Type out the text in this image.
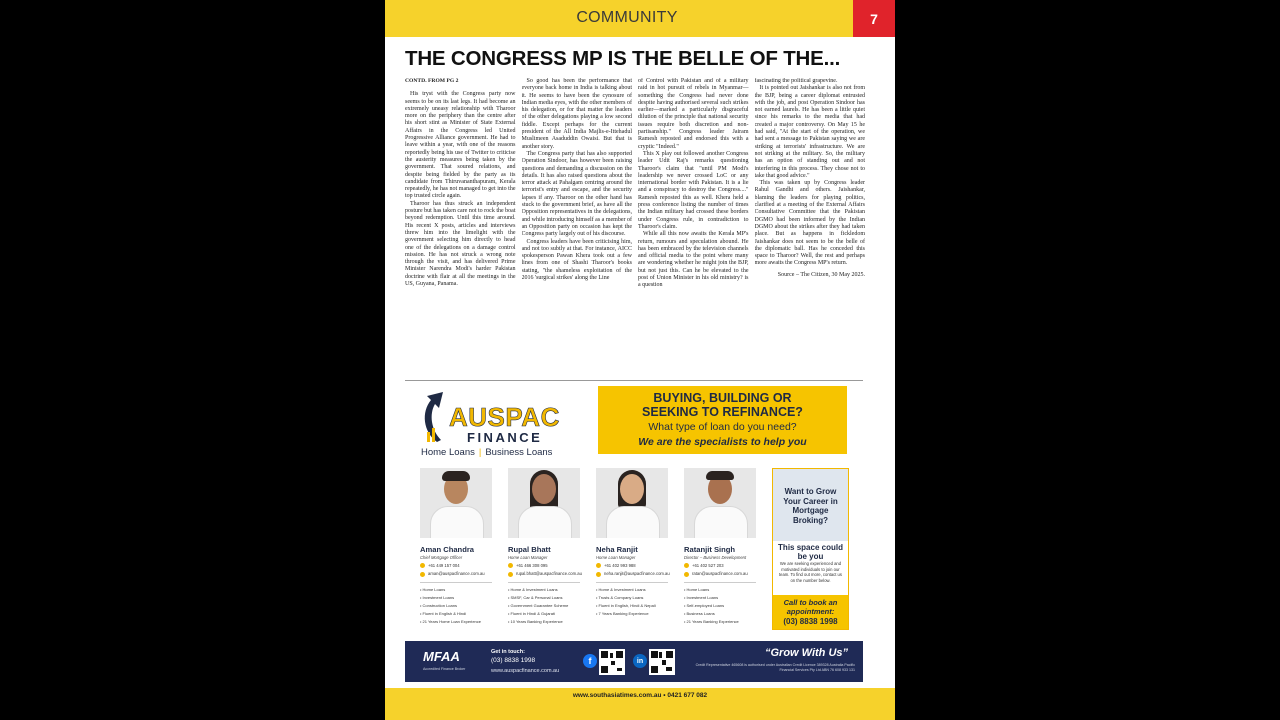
COMMUNITY	7
THE CONGRESS MP IS THE BELLE OF THE...

CONTD. FROM PG 2

His tryst with the Congress party now seems to be on its last legs. It had become an extremely uneasy relationship with Tharoor more on the periphery than the centre after his short stint as Minister of State External Affairs in the Congress led United Progressive Alliance government. He had to leave within a year, with one of the reasons reportedly being his use of Twitter to criticise the austerity measures being taken by the government. That soured relations, and despite being fielded by the party as its candidate from Thiruvananthapuram, Kerala repeatedly, he has not managed to get into the top trusted circle again.

Tharoor has thus struck an independent posture but has taken care not to rock the boat beyond redemption. Until this time around. His recent X posts, articles and interviews threw him into the limelight with the government selecting him directly to head one of the delegations on a damage control mission. He has not struck a wrong note through the visit, and has delivered Prime Minister Narendra Modi's harder Pakistan doctrine with flair at all the meetings in the US, Guyana, Panama.

So good has been the performance that everyone back home in India is talking about it. He seems to have been the cynosure of Indian media eyes, with the other members of his delegation, or for that matter the leaders of the other delegations playing a low second fiddle. Except perhaps for the current president of the All India Majlis-e-Ittehadul Muslimeen Asaduddin Owaisi. But that is another story.

The Congress party that has also supported Operation Sindoor, has however been raising questions and demanding a discussion on the details. It has also raised questions about the terror attack at Pahalgam centring around the terrorist's entry and escape, and the security lapses if any. Tharoor on the other hand has stuck to the government brief, as have all the Opposition representatives in the delegations, and while introducing himself as a member of an Opposition party on occasion has kept the Congress party largely out of his discourse.

Congress leaders have been criticising him, and not too subtly at that. For instance, AICC spokesperson Pawan Khera took out a few lines from one of Shashi Tharoor's books stating, "the shameless exploitation of the 2016 'surgical strikes' along the Line

of Control with Pakistan and of a military raid in hot pursuit of rebels in Myanmar—something the Congress had never done despite having authorised several such strikes earlier—marked a particularly disgraceful dilution of the principle that national security issues require both discretion and non-partisanship." Congress leader Jairam Ramesh reposted and endorsed this with a cryptic "Indeed."

This X play out followed another Congress leader Udit Raj's remarks questioning Tharoor's claim that "until PM Modi's leadership we never crossed LoC or any international border with Pakistan. It is a lie and a conspiracy to destroy the Congress...." Ramesh reposted this as well. Khera held a press conference listing the number of times the Indian military had crossed these borders under Congress rule, in contradiction to Tharoor's claim.

While all this now awaits the Kerala MP's return, rumours and speculation abound. He has been embraced by the television channels and official media to the point where many are wondering whether he might join the BJP, but not just this. Can he be elevated to the post of Union Minister in his old ministry? is a question

fascinating the political grapevine.

It is pointed out Jaishankar is also not from the BJP, being a career diplomat entrusted with the job, and post Operation Sindoor has not earned laurels. He has been a little quiet since his remarks to the media that had created a major controversy. On May 15 he had said, "At the start of the operation, we had sent a message to Pakistan saying we are striking at terrorists' infrastructure. We are not striking at the military. So, the military has an option of standing out and not interfering in this process. They chose not to take that good advice."

This was taken up by Congress leader Rahul Gandhi and others. Jaishankar, blaming the leaders for playing politics, clarified at a meeting of the External Affairs Consultative Committee that the Pakistan DGMO had been informed by the Indian DGMO about the strikes after they had taken place. But as happens in fickledom Jaishankar does not seem to be the belle of the diplomatic ball. Has he conceded this space to Tharoor? Well, the rest and perhaps more awaits the Congress MP's return.

Source – The Citizen, 30 May 2025.

AUSPAC
FINANCE
Home Loans | Business Loans
BUYING, BUILDING OR
SEEKING TO REFINANCE?
What type of loan do you need?
We are the specialists to help you
Aman Chandra
Chief Mortgage Officer
+61 449 157 004
aman@auspacfinance.com.au
• Home Loans
• Investment Loans
• Construction Loans
• Fluent in English & Hindi
• 21 Years Home Loan Experience
Rupal Bhatt
Home Loan Manager
+61 466 308 095
rupal.bhatt@auspacfinance.com.au
• Home & Investment Loans
• SMSF, Car & Personal Loans
• Government Guarantee Scheme
• Fluent in Hindi & Gujarati
• 10 Years Banking Experience
Neha Ranjit
Home Loan Manager
+61 402 993 988
neha.ranjit@auspacfinance.com.au
• Home & Investment Loans
• Trusts & Company Loans
• Fluent in English, Hindi & Nepali
• 7 Years Banking Experience
Ratanjit Singh
Director – Business Development
+61 402 527 203
ratan@auspacfinance.com.au
• Home Loans
• Investment Loans
• Self-employed Loans
• Business Loans
• 21 Years Banking Experience
Want to Grow Your Career in Mortgage Broking?
This space could be you
We are seeking experienced and motivated individuals to join our team. To find out more, contact us on the number below.
Call to book an appointment:
(03) 8838 1998
MFAA
Accredited Finance Broker
Get in touch:
(03) 8838 1998
www.auspacfinance.com.au
f	in
“Grow With Us”
Credit Representative 465608 is authorised under Australian Credit Licence 389328 Australia Pacific Financial Services Pty Ltd ABN 76 608 933 131
www.southasiatimes.com.au • 0421 677 082
